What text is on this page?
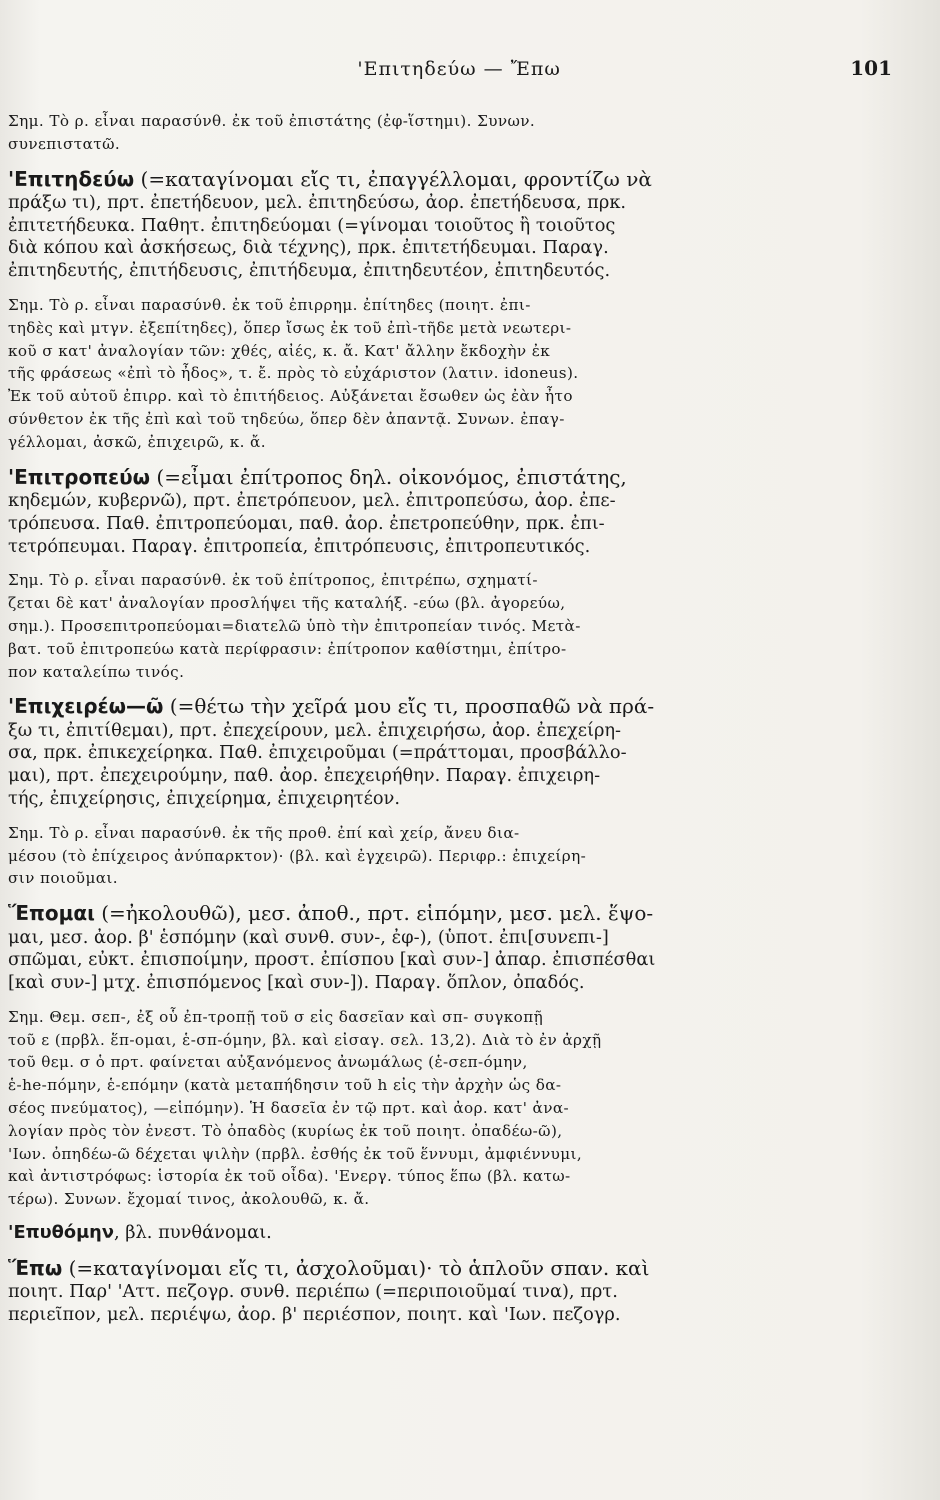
'Επιτηδεύω — Ἔπω	101
Σημ. Τὸ ρ. εἶναι παρασύνθ. ἐκ τοῦ ἐπιστάτης (ἐφ-ἵστημι). Συνων.
συνεπιστατῶ.
'Επιτηδεύω (=καταγίνομαι εἴς τι, ἐπαγγέλλομαι, φροντίζω νὰ
πράξω τι), πρτ. ἐπετήδευον, μελ. ἐπιτηδεύσω, ἀορ. ἐπετήδευσα, πρκ.
ἐπιτετήδευκα. Παθητ. ἐπιτηδεύομαι (=γίνομαι τοιοῦτος ἢ τοιοῦτος
διὰ κόπου καὶ ἀσκήσεως, διὰ τέχνης), πρκ. ἐπιτετήδευμαι. Παραγ.
ἐπιτηδευτής, ἐπιτήδευσις, ἐπιτήδευμα, ἐπιτηδευτέον, ἐπιτηδευτός.
Σημ. Τὸ ρ. εἶναι παρασύνθ. ἐκ τοῦ ἐπιρρημ. ἐπίτηδες (ποιητ. ἐπι-
τηδὲς καὶ μτγν. ἐξεπίτηδες), ὅπερ ἴσως ἐκ τοῦ ἐπὶ-τῆδε μετὰ νεωτερι-
κοῦ σ κατ' ἀναλογίαν τῶν: χθές, αἰές, κ. ἄ. Κατ' ἄλλην ἔκδοχὴν ἐκ
τῆς φράσεως «ἐπὶ τὸ ἦδος», τ. ἔ. πρὸς τὸ εὐχάριστον (λατιν. idoneus).
Ἐκ τοῦ αὐτοῦ ἐπιρρ. καὶ τὸ ἐπιτήδειος. Αὐξάνεται ἔσωθεν ὡς ἐὰν ἦτο
σύνθετον ἐκ τῆς ἐπὶ καὶ τοῦ τηδεύω, ὅπερ δὲν ἀπαντᾷ. Συνων. ἐπαγ-
γέλλομαι, ἀσκῶ, ἐπιχειρῶ, κ. ἄ.
'Επιτροπεύω (=εἶμαι ἐπίτροπος δηλ. οἰκονόμος, ἐπιστάτης,
κηδεμών, κυβερνῶ), πρτ. ἐπετρόπευον, μελ. ἐπιτροπεύσω, ἀορ. ἐπε-
τρόπευσα. Παθ. ἐπιτροπεύομαι, παθ. ἀορ. ἐπετροπεύθην, πρκ. ἐπι-
τετρόπευμαι. Παραγ. ἐπιτροπεία, ἐπιτρόπευσις, ἐπιτροπευτικός.
Σημ. Τὸ ρ. εἶναι παρασύνθ. ἐκ τοῦ ἐπίτροπος, ἐπιτρέπω, σχηματί-
ζεται δὲ κατ' ἀναλογίαν προσλήψει τῆς καταλήξ. -εύω (βλ. ἀγορεύω,
σημ.). Προσεπιτροπεύομαι=διατελῶ ὑπὸ τὴν ἐπιτροπείαν τινός. Μετὰ-
βατ. τοῦ ἐπιτροπεύω κατὰ περίφρασιν: ἐπίτροπον καθίστημι, ἐπίτρο-
πον καταλείπω τινός.
'Επιχειρέω—ῶ (=θέτω τὴν χεῖρά μου εἴς τι, προσπαθῶ νὰ πρά-
ξω τι, ἐπιτίθεμαι), πρτ. ἐπεχείρουν, μελ. ἐπιχειρήσω, ἀορ. ἐπεχείρη-
σα, πρκ. ἐπικεχείρηκα. Παθ. ἐπιχειροῦμαι (=πράττομαι, προσβάλλο-
μαι), πρτ. ἐπεχειρούμην, παθ. ἀορ. ἐπεχειρήθην. Παραγ. ἐπιχειρη-
τής, ἐπιχείρησις, ἐπιχείρημα, ἐπιχειρητέον.
Σημ. Τὸ ρ. εἶναι παρασύνθ. ἐκ τῆς προθ. ἐπί καὶ χείρ, ἄνευ δια-
μέσου (τὸ ἐπίχειρος ἀνύπαρκτον)· (βλ. καὶ ἐγχειρῶ). Περιφρ.: ἐπιχείρη-
σιν ποιοῦμαι.
Ἕπομαι (=ἠκολουθῶ), μεσ. ἀποθ., πρτ. εἱπόμην, μεσ. μελ. ἕψο-
μαι, μεσ. ἀορ. β' ἑσπόμην (καὶ συνθ. συν-, ἐφ-), (ὑποτ. ἐπι[συνεπι-]
σπῶμαι, εὐκτ. ἐπισποίμην, προστ. ἐπίσπου [καὶ συν-] ἀπαρ. ἐπισπέσθαι
[καὶ συν-] μτχ. ἐπισπόμενος [καὶ συν-]). Παραγ. ὅπλον, ὀπαδός.
Σημ. Θεμ. σεπ-, ἐξ οὗ ἐπ-τροπῇ τοῦ σ εἰς δασεῖαν καὶ σπ- συγκοπῇ
τοῦ ε (πρβλ. ἕπ-ομαι, ἑ-σπ-όμην, βλ. καὶ εἰσαγ. σελ. 13,2). Διὰ τὸ ἐν ἀρχῇ
τοῦ θεμ. σ ὁ πρτ. φαίνεται αὐξανόμενος ἀνωμάλως (ἑ-σεπ-όμην,
ἑ-he-πόμην, ἑ-επόμην (κατὰ μεταπήδησιν τοῦ h εἰς τὴν ἀρχὴν ὡς δα-
σέος πνεύματος), —εἱπόμην). Ἡ δασεῖα ἐν τῷ πρτ. καὶ ἀορ. κατ' ἀνα-
λογίαν πρὸς τὸν ἐνεστ. Τὸ ὀπαδὸς (κυρίως ἐκ τοῦ ποιητ. ὀπαδέω-ῶ),
'Ιων. ὀπηδέω-ῶ δέχεται ψιλὴν (πρβλ. ἐσθής ἐκ τοῦ ἕννυμι, ἀμφιέννυμι,
καὶ ἀντιστρόφως: ἱστορία ἐκ τοῦ οἶδα). 'Ενεργ. τύπος ἕπω (βλ. κατω-
τέρω). Συνων. ἔχομαί τινος, ἀκολουθῶ, κ. ἄ.
'Επυθόμην, βλ. πυνθάνομαι.
Ἕπω (=καταγίνομαι εἴς τι, ἀσχολοῦμαι)· τὸ ἁπλοῦν σπαν. καὶ
ποιητ. Παρ' 'Αττ. πεζογρ. συνθ. περιέπω (=περιποιοῦμαί τινα), πρτ.
περιεῖπον, μελ. περιέψω, ἀορ. β' περιέσπον, ποιητ. καὶ 'Ιων. πεζογρ.
